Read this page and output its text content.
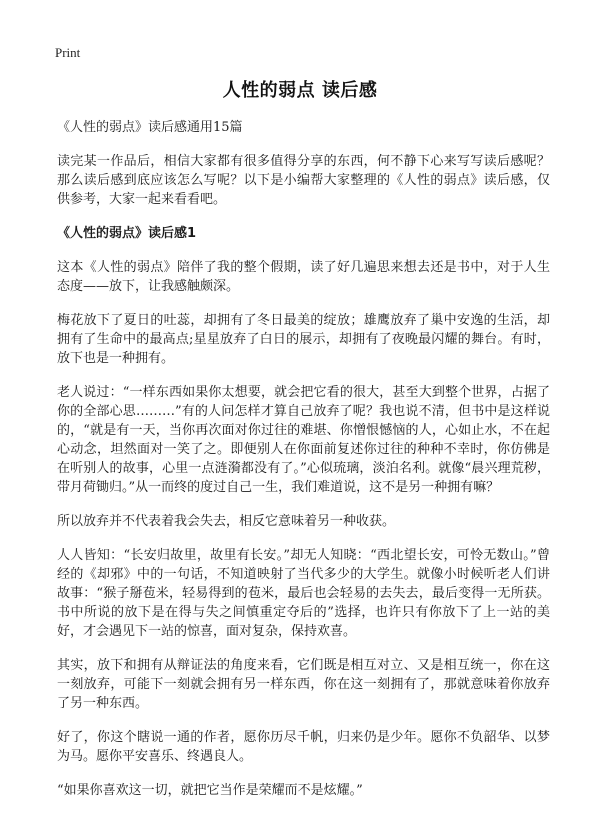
Print
人性的弱点 读后感

《人性的弱点》读后感通用15篇

读完某一作品后，相信大家都有很多值得分享的东西，何不静下心来写写读后感呢？那么读后感到底应该怎么写呢？以下是小编帮大家整理的《人性的弱点》读后感，仅供参考，大家一起来看看吧。

《人性的弱点》读后感1

这本《人性的弱点》陪伴了我的整个假期，读了好几遍思来想去还是书中，对于人生态度——放下，让我感触颇深。

梅花放下了夏日的吐蕊，却拥有了冬日最美的绽放；雄鹰放弃了巢中安逸的生活，却拥有了生命中的最高点;星星放弃了白日的展示，却拥有了夜晚最闪耀的舞台。有时，放下也是一种拥有。

老人说过：“一样东西如果你太想要，就会把它看的很大，甚至大到整个世界，占据了你的全部心思………”有的人问怎样才算自己放弃了呢？我也说不清，但书中是这样说的，“就是有一天，当你再次面对你过往的难堪、你憎恨憾恼的人，心如止水，不在起心动念，坦然面对一笑了之。即便别人在你面前复述你过往的种种不幸时，你仿佛是在听别人的故事，心里一点涟漪都没有了。”心似琉璃，淡泊名利。就像“晨兴理荒秽，带月荷锄归。”从一而终的度过自己一生，我们难道说，这不是另一种拥有嘛？

所以放弃并不代表着我会失去，相反它意味着另一种收获。

人人皆知：“长安归故里，故里有长安。”却无人知晓：“西北望长安，可怜无数山。”曾经的《却邪》中的一句话，不知道映射了当代多少的大学生。就像小时候听老人们讲故事：“猴子掰苞米，轻易得到的苞米，最后也会轻易的去失去，最后变得一无所获。书中所说的放下是在得与失之间慎重定夺后的”选择，也许只有你放下了上一站的美好，才会遇见下一站的惊喜，面对复杂，保持欢喜。

其实，放下和拥有从辩证法的角度来看，它们既是相互对立、又是相互统一，你在这一刻放弃，可能下一刻就会拥有另一样东西，你在这一刻拥有了，那就意味着你放弃了另一种东西。

好了，你这个瞎说一通的作者，愿你历尽千帆，归来仍是少年。愿你不负韶华、以梦为马。愿你平安喜乐、终遇良人。

“如果你喜欢这一切，就把它当作是荣耀而不是炫耀。”
